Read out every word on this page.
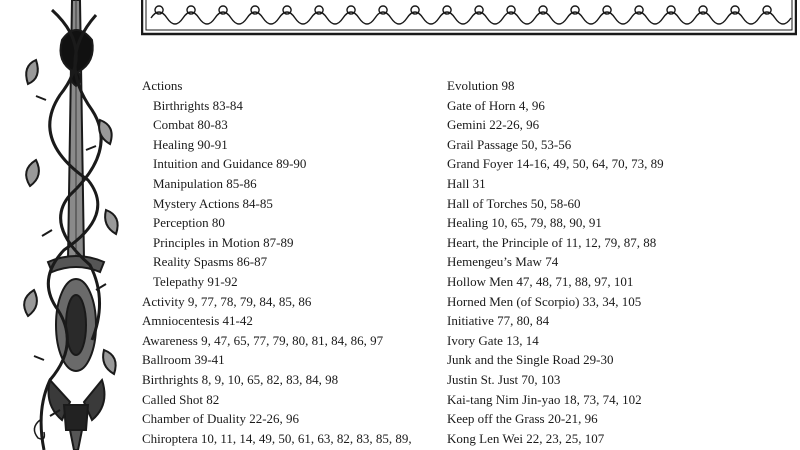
Actions
Birthrights 83-84
Combat 80-83
Healing 90-91
Intuition and Guidance 89-90
Manipulation 85-86
Mystery Actions 84-85
Perception 80
Principles in Motion 87-89
Reality Spasms 86-87
Telepathy 91-92
Activity 9, 77, 78, 79, 84, 85, 86
Amniocentesis 41-42
Awareness 9, 47, 65, 77, 79, 80, 81, 84, 86, 97
Ballroom 39-41
Birthrights 8, 9, 10, 65, 82, 83, 84, 98
Called Shot 82
Chamber of Duality 22-26, 96
Chiroptera 10, 11, 14, 49, 50, 61, 63, 82, 83, 85, 89,
Evolution 98
Gate of Horn 4, 96
Gemini 22-26, 96
Grail Passage 50, 53-56
Grand Foyer 14-16, 49, 50, 64, 70, 73, 89
Hall 31
Hall of Torches 50, 58-60
Healing 10, 65, 79, 88, 90, 91
Heart, the Principle of 11, 12, 79, 87, 88
Hemengeu’s Maw 74
Hollow Men 47, 48, 71, 88, 97, 101
Horned Men (of Scorpio) 33, 34, 105
Initiative 77, 80, 84
Ivory Gate 13, 14
Junk and the Single Road 29-30
Justin St. Just 70, 103
Kai-tang Nim Jin-yao 18, 73, 74, 102
Keep off the Grass 20-21, 96
Kong Len Wei 22, 23, 25, 107
